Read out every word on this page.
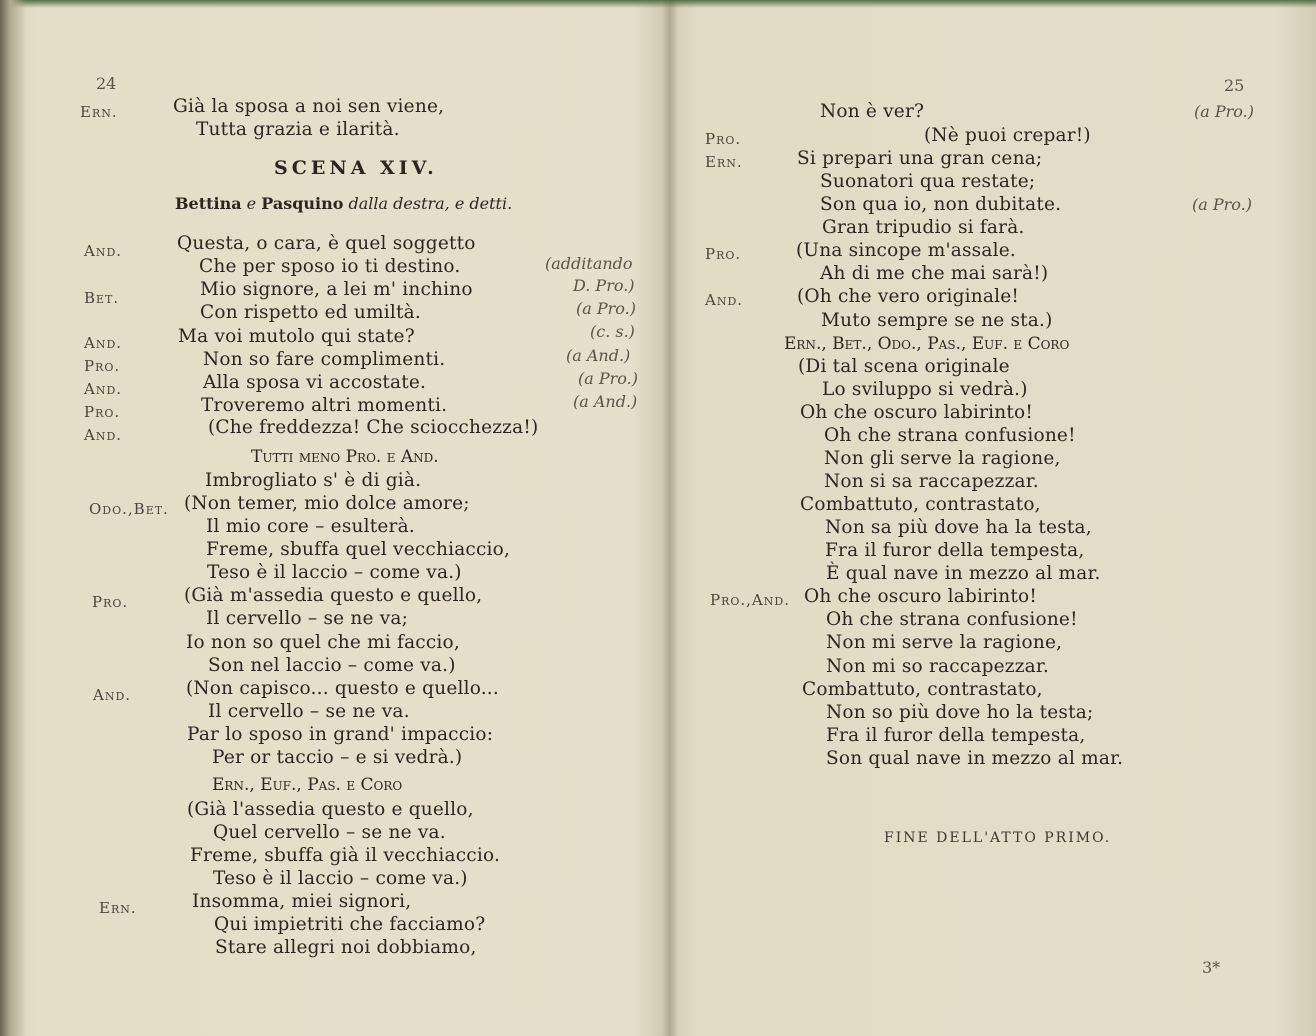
24
Ern.	Già la sposa a noi sen viene,
Tutta grazia e ilarità.
SCENA XIV.
Bettina e Pasquino dalla destra, e detti.
And.	Questa, o cara, è quel soggetto
Che per sposo io ti destino.	(additando
Bet.	Mio signore, a lei m' inchino	D. Pro.)
Con rispetto ed umiltà.	(a Pro.)
And.	Ma voi mutolo qui state?	(c. s.)
Pro.	Non so fare complimenti.	(a And.)
And.	Alla sposa vi accostate.	(a Pro.)
Pro.	Troveremo altri momenti.	(a And.)
And.	(Che freddezza! Che sciocchezza!)
Tutti meno Pro. e And.
Imbrogliato s' è di già.
Odo.,Bet. (Non temer, mio dolce amore;
Il mio core – esulterà.
Freme, sbuffa quel vecchiaccio,
Teso è il laccio – come va.)
Pro.	(Già m'assedia questo e quello,
Il cervello – se ne va;
Io non so quel che mi faccio,
Son nel laccio – come va.)
And.	(Non capisco... questo e quello...
Il cervello – se ne va.
Par lo sposo in grand' impaccio:
Per or taccio – e si vedrà.)
Ern., Euf., Pas. e Coro
(Già l'assedia questo e quello,
Quel cervello – se ne va.
Freme, sbuffa già il vecchiaccio.
Teso è il laccio – come va.)
Ern.	Insomma, miei signori,
Qui impietriti che facciamo?
Stare allegri noi dobbiamo,
25
Non è ver?	(a Pro.)
Pro.	(Nè puoi crepar!)
Ern.	Si prepari una gran cena;
Suonatori qua restate;
Son qua io, non dubitate.	(a Pro.)
Gran tripudio si farà.
Pro.	(Una sincope m'assale.
Ah di me che mai sarà!)
And.	(Oh che vero originale!
Muto sempre se ne sta.)
Ern., Bet., Odo., Pas., Euf. e Coro
(Di tal scena originale
Lo sviluppo si vedrà.)
Oh che oscuro labirinto!
Oh che strana confusione!
Non gli serve la ragione,
Non si sa raccapezzar.
Combattuto, contrastato,
Non sa più dove ha la testa,
Fra il furor della tempesta,
È qual nave in mezzo al mar.
Pro.,And. Oh che oscuro labirinto!
Oh che strana confusione!
Non mi serve la ragione,
Non mi so raccapezzar.
Combattuto, contrastato,
Non so più dove ho la testa;
Fra il furor della tempesta,
Son qual nave in mezzo al mar.
FINE DELL'ATTO PRIMO.
3*
